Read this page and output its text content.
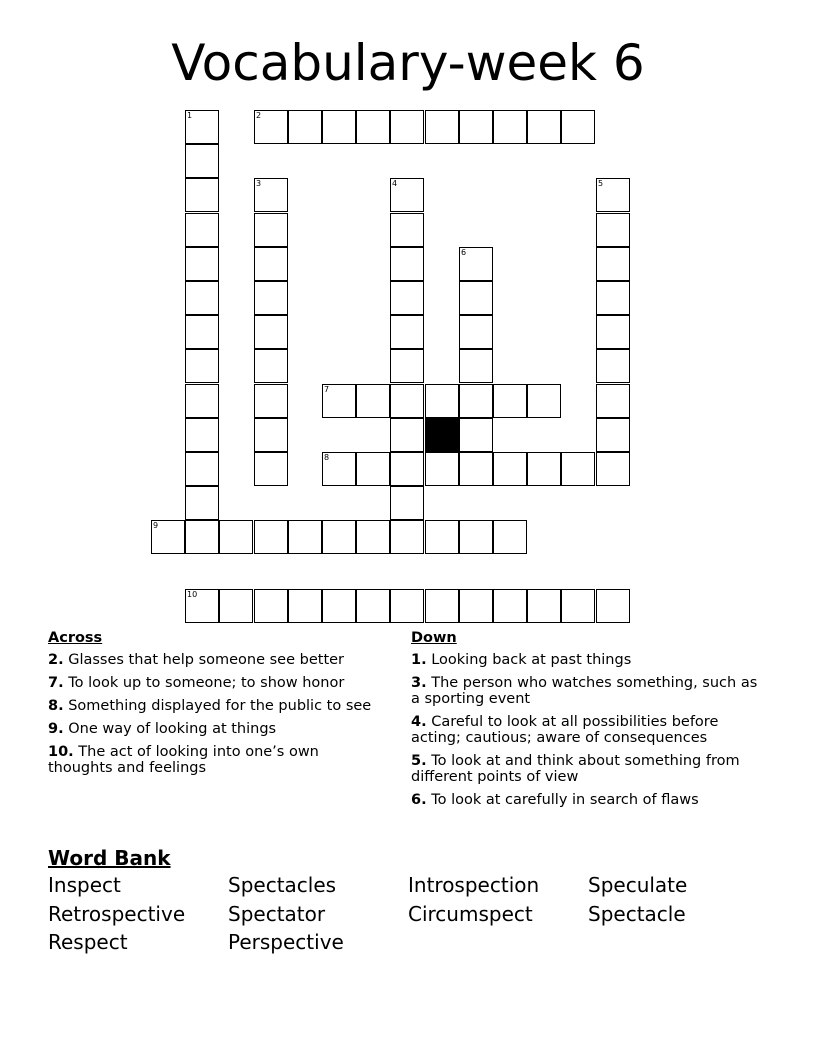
Vocabulary-week 6
1	2
3	4	5
6
7
8
9
10
Across
2. Glasses that help someone see better
7. To look up to someone; to show honor
8. Something displayed for the public to see
9. One way of looking at things
10. The act of looking into one’s own thoughts and feelings
Down
1. Looking back at past things
3. The person who watches something, such as a sporting event
4. Careful to look at all possibilities before acting; cautious; aware of consequences
5. To look at and think about something from different points of view
6. To look at carefully in search of flaws
Word Bank
Inspect	Spectacles	Introspection	Speculate
Retrospective	Spectator	Circumspect	Spectacle
Respect	Perspective
